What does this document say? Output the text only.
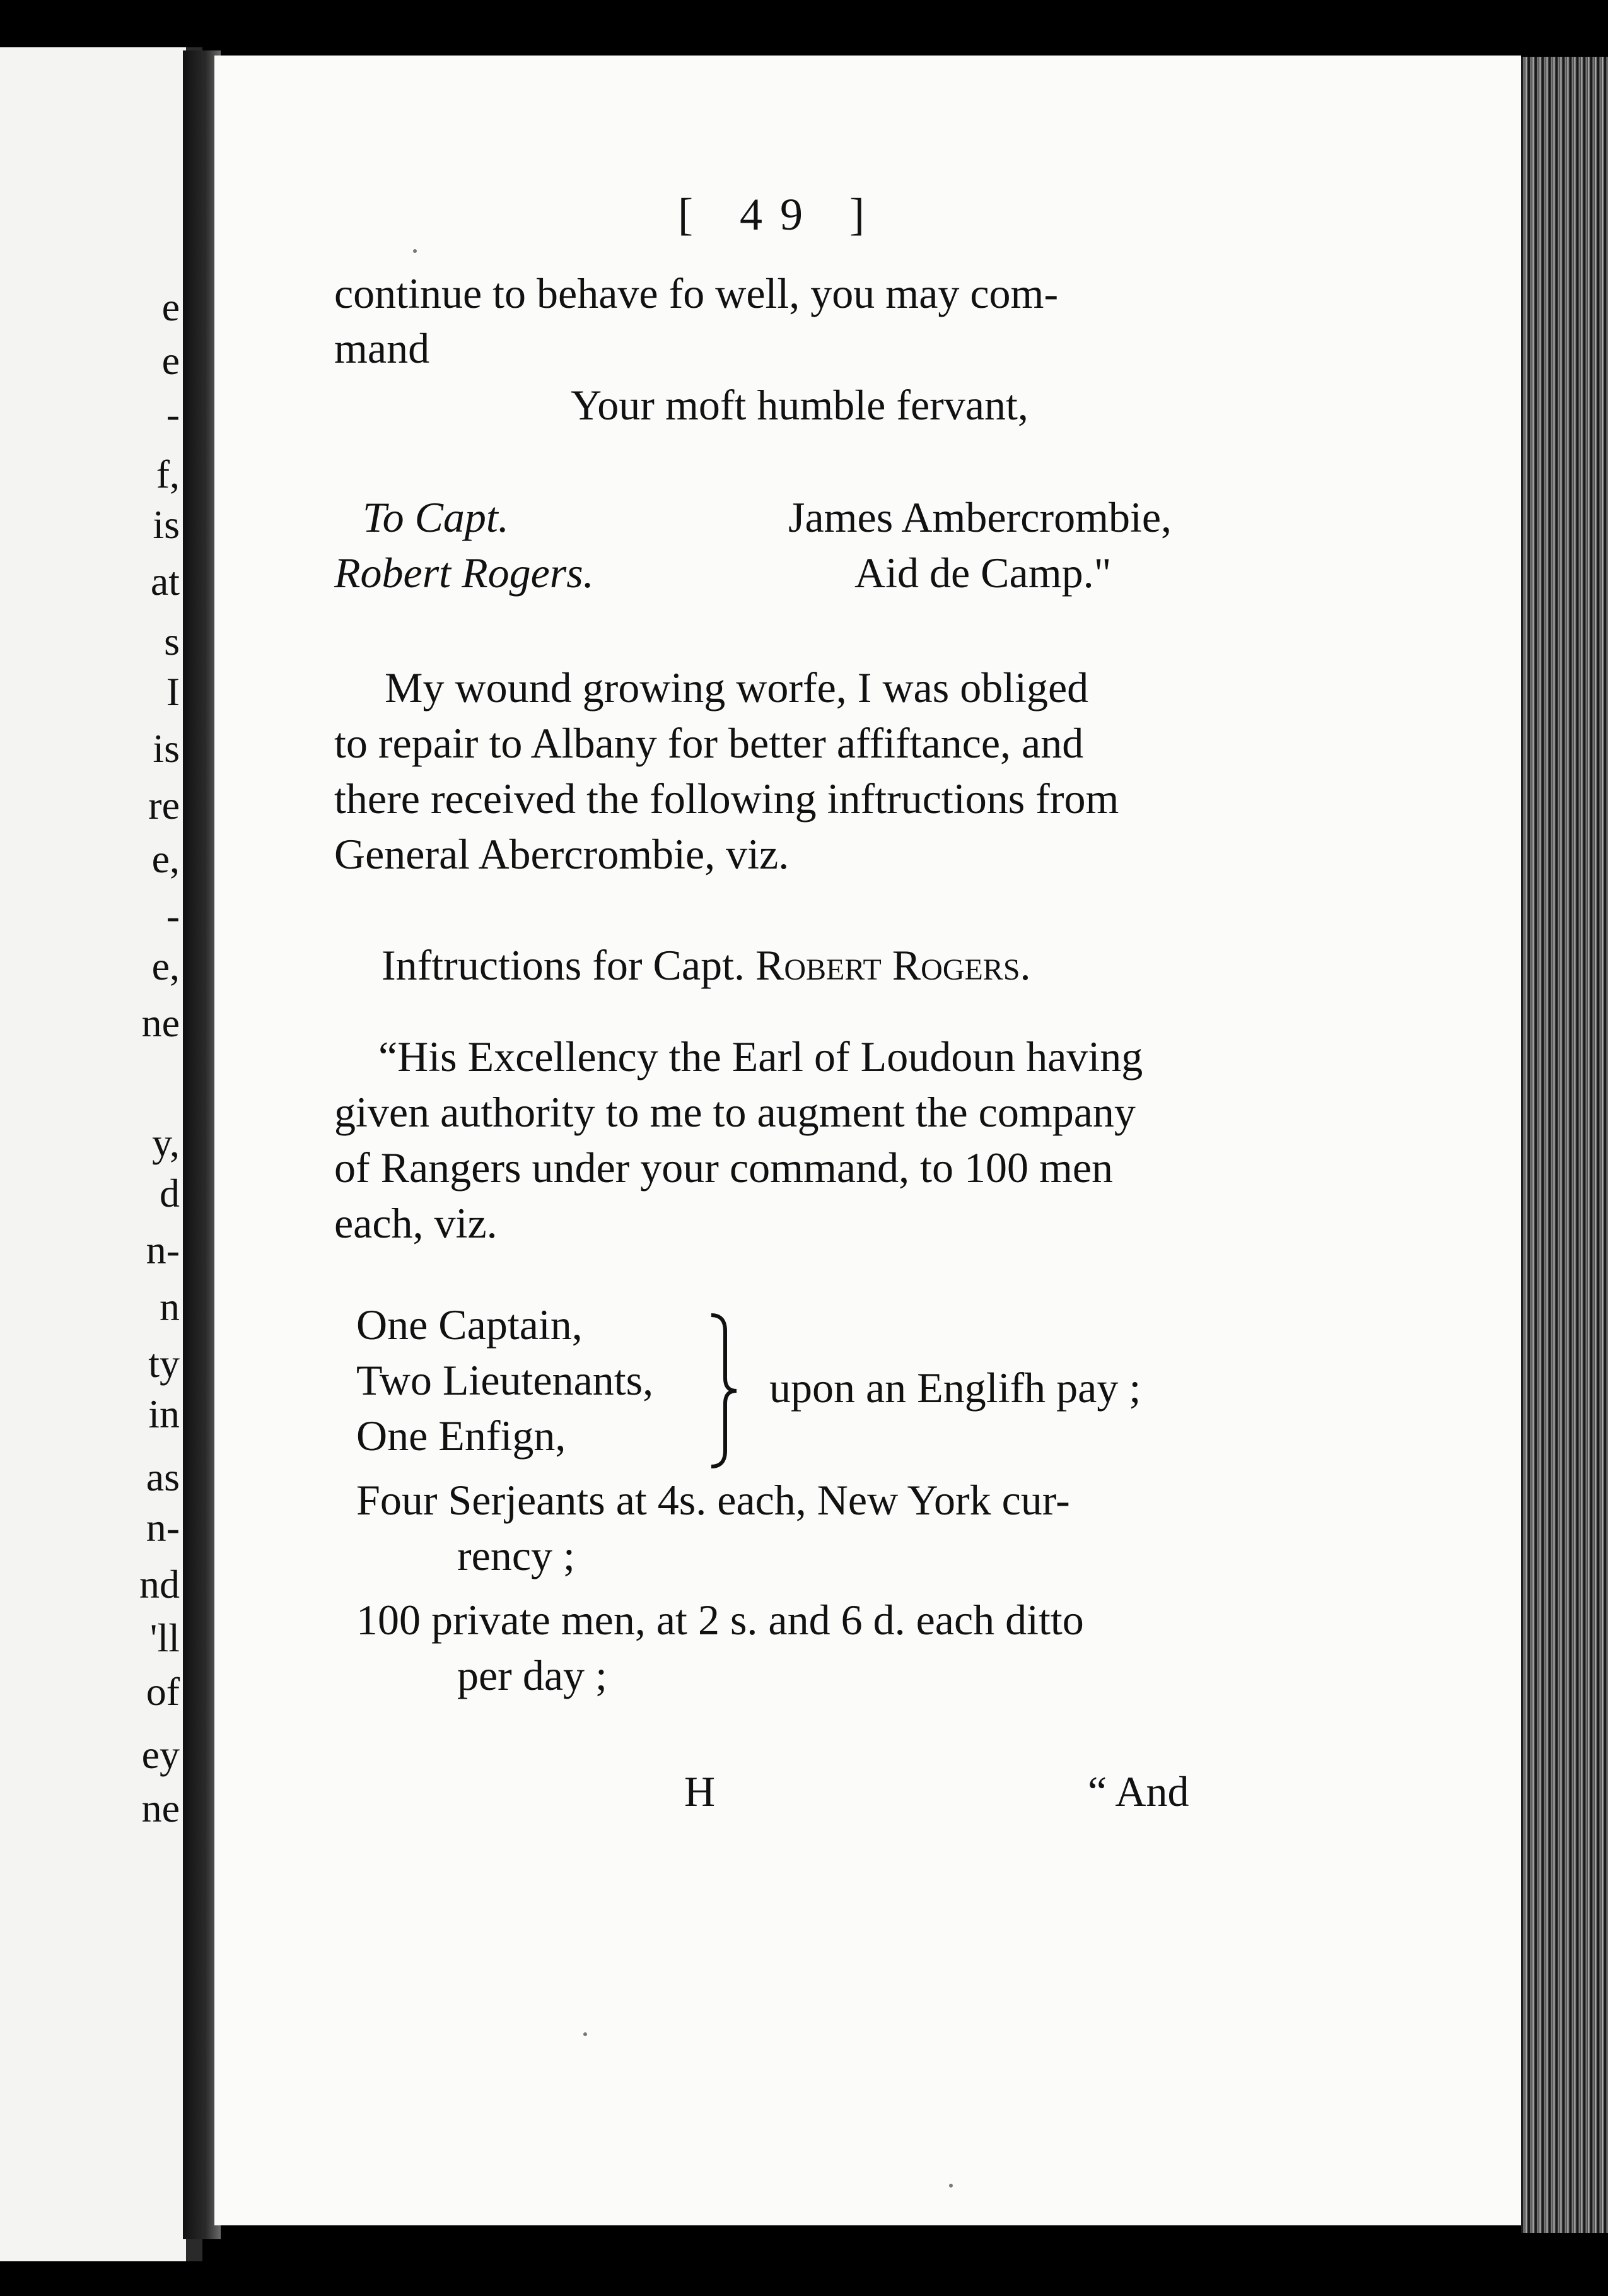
e
e
-
f,
is
at
s
I
is
re
e,
-
e,
ne
y,
d
n-
n
ty
in
as
n-
nd
'll
of
ey
ne
[ 49 ]
continue to behave fo well, you may com-
mand
Your moft humble fervant,
To Capt.
Robert Rogers.
James Ambercrombie,
Aid de Camp."
My wound growing worfe, I was obliged
to repair to Albany for better affiftance, and
there received the following inftructions from
General Abercrombie, viz.
Inftructions for Capt. Robert Rogers.
“His Excellency the Earl of Loudoun having
given authority to me to augment the company
of Rangers under your command, to 100 men
each, viz.
One Captain,
Two Lieutenants,
One Enfign,
upon an Englifh pay ;
Four Serjeants at 4s. each, New York cur-
rency ;
100 private men, at 2 s. and 6 d. each ditto
per day ;
H	“ And
